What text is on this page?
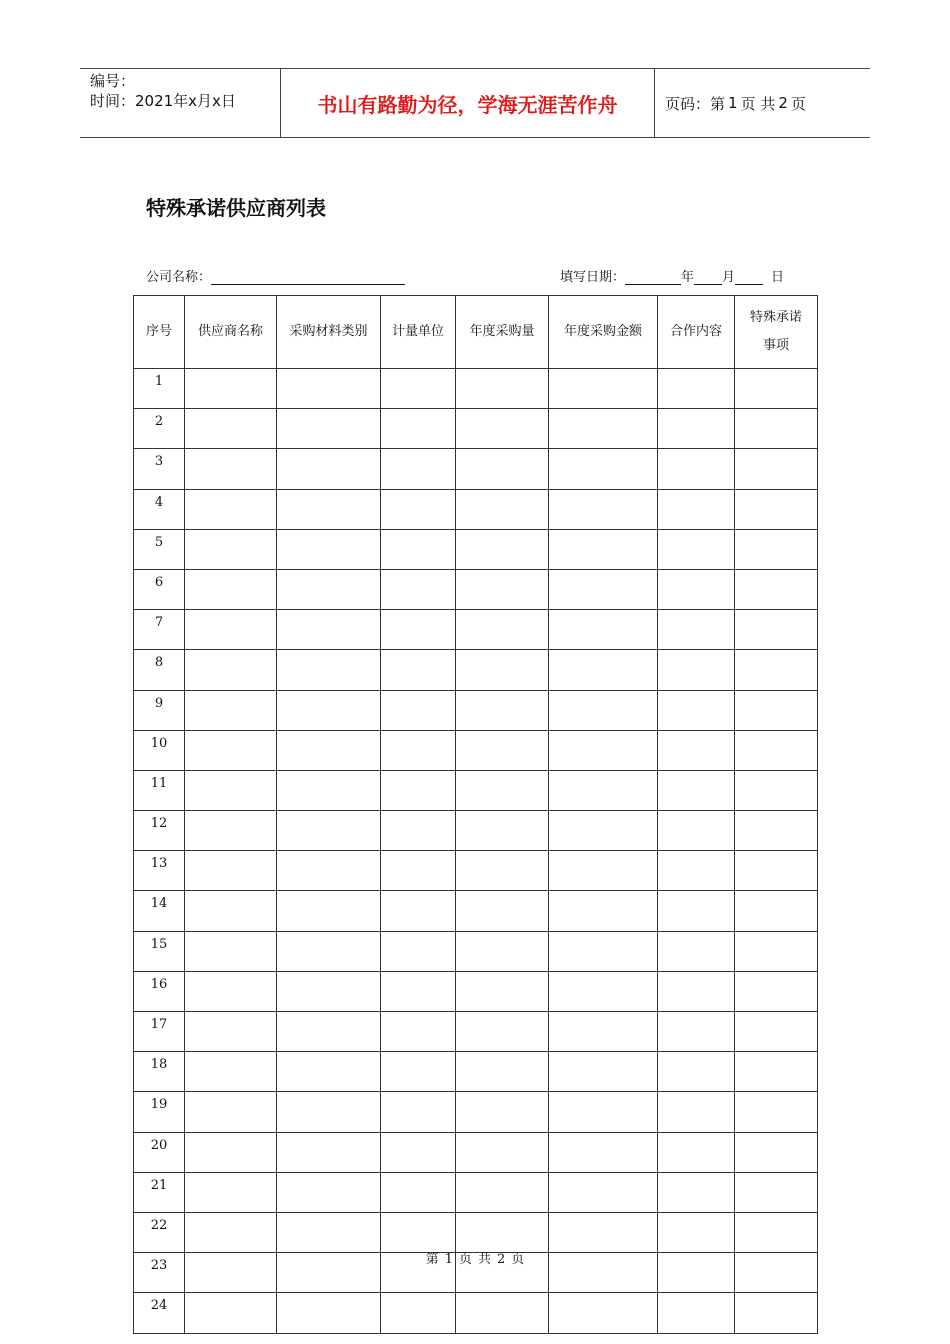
编号：
时间：2021年x月x日	书山有路勤为径，学海无涯苦作舟	页码：第 1 页 共 2 页
特殊承诺供应商列表
公司名称：	填写日期：	年 月	日
序号	供应商名称	采购材料类别	计量单位	年度采购量	年度采购金额	合作内容	特殊承诺
事项

1							
2							
3							
4							
5							
6							
7							
8							
9							
10							
11							
12							
13							
14							
15							
16							
17							
18							
19							
20							
21							
22							
23							
24							
第 1 页 共 2 页
